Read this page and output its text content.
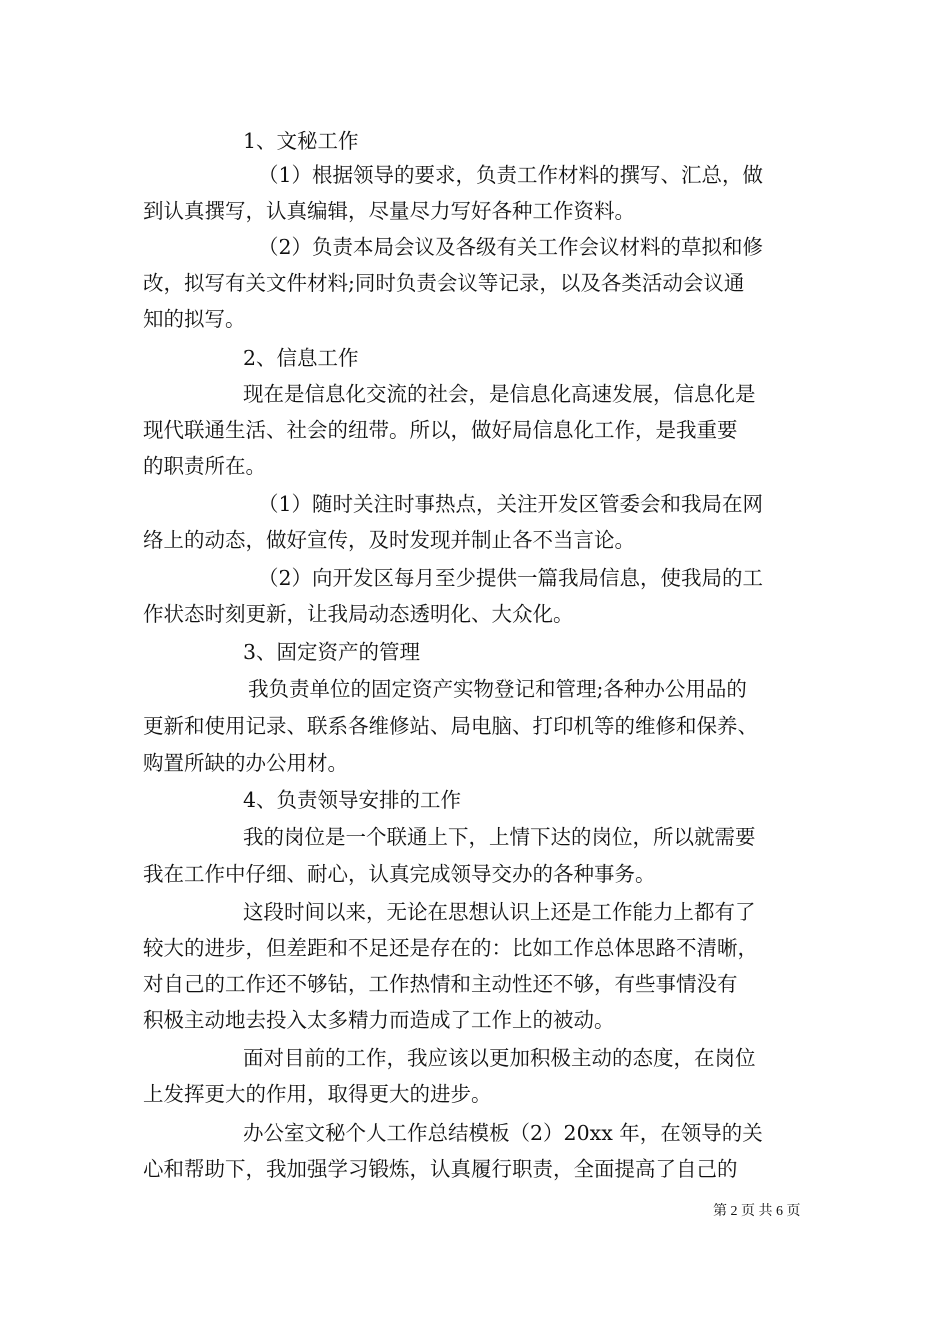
1、文秘工作
（1）根据领导的要求，负责工作材料的撰写、汇总，做
到认真撰写，认真编辑，尽量尽力写好各种工作资料。
（2）负责本局会议及各级有关工作会议材料的草拟和修
改，拟写有关文件材料;同时负责会议等记录，以及各类活动会议通
知的拟写。
2、信息工作
现在是信息化交流的社会，是信息化高速发展，信息化是
现代联通生活、社会的纽带。所以，做好局信息化工作，是我重要
的职责所在。
（1）随时关注时事热点，关注开发区管委会和我局在网
络上的动态，做好宣传，及时发现并制止各不当言论。
（2）向开发区每月至少提供一篇我局信息，使我局的工
作状态时刻更新，让我局动态透明化、大众化。
3、固定资产的管理
我负责单位的固定资产实物登记和管理;各种办公用品的
更新和使用记录、联系各维修站、局电脑、打印机等的维修和保养、
购置所缺的办公用材。
4、负责领导安排的工作
我的岗位是一个联通上下，上情下达的岗位，所以就需要
我在工作中仔细、耐心，认真完成领导交办的各种事务。
这段时间以来，无论在思想认识上还是工作能力上都有了
较大的进步，但差距和不足还是存在的：比如工作总体思路不清晰，
对自己的工作还不够钻，工作热情和主动性还不够，有些事情没有
积极主动地去投入太多精力而造成了工作上的被动。
面对目前的工作，我应该以更加积极主动的态度，在岗位
上发挥更大的作用，取得更大的进步。
办公室文秘个人工作总结模板（2）20xx 年，在领导的关
心和帮助下，我加强学习锻炼，认真履行职责，全面提高了自己的
第 2 页 共 6 页
